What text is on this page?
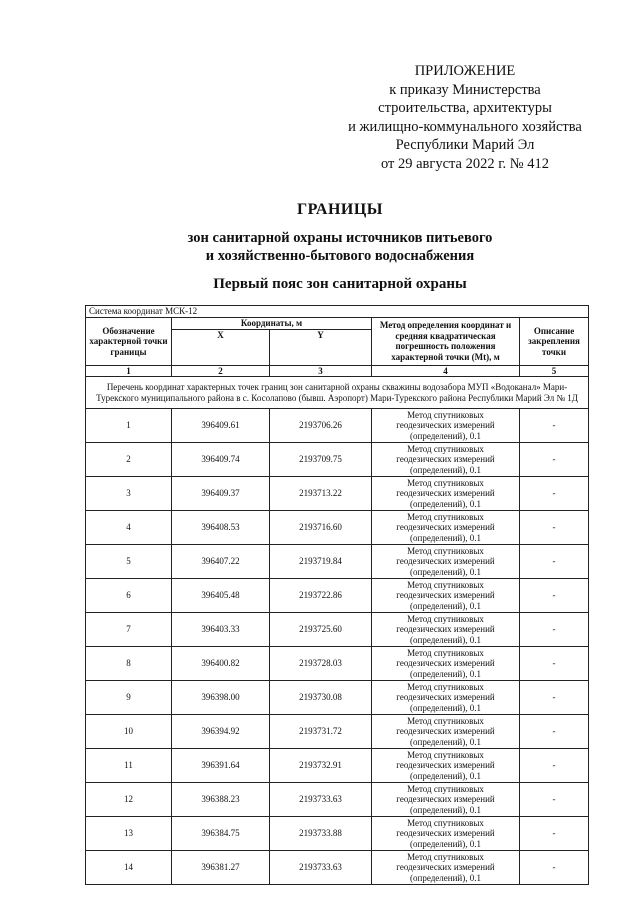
ПРИЛОЖЕНИЕ
к приказу Министерства
строительства, архитектуры
и жилищно-коммунального хозяйства
Республики Марий Эл
от 29 августа 2022 г. № 412
ГРАНИЦЫ
зон санитарной охраны источников питьевого
и хозяйственно-бытового водоснабжения
Первый пояс зон санитарной охраны
Система координат МСК-12				
Обозначение характерной точки границы	Координаты, м		Метод определения координат и средняя квадратическая погрешность положения характерной точки (Mt), м	Описание закрепления точки
	X	Y		
1	2	3	4	5
Перечень координат характерных точек границ зон санитарной охраны скважины водозабора МУП «Водоканал» Мари-Турекского муниципального района в с. Косолапово (бывш. Аэропорт) Мари-Турекского района Республики Марий Эл № 1Д				
1	396409.61	2193706.26	Метод спутниковых
геодезических измерений
(определений), 0.1	-
2	396409.74	2193709.75	Метод спутниковых
геодезических измерений
(определений), 0.1	-
3	396409.37	2193713.22	Метод спутниковых
геодезических измерений
(определений), 0.1	-
4	396408.53	2193716.60	Метод спутниковых
геодезических измерений
(определений), 0.1	-
5	396407.22	2193719.84	Метод спутниковых
геодезических измерений
(определений), 0.1	-
6	396405.48	2193722.86	Метод спутниковых
геодезических измерений
(определений), 0.1	-
7	396403.33	2193725.60	Метод спутниковых
геодезических измерений
(определений), 0.1	-
8	396400.82	2193728.03	Метод спутниковых
геодезических измерений
(определений), 0.1	-
9	396398.00	2193730.08	Метод спутниковых
геодезических измерений
(определений), 0.1	-
10	396394.92	2193731.72	Метод спутниковых
геодезических измерений
(определений), 0.1	-
11	396391.64	2193732.91	Метод спутниковых
геодезических измерений
(определений), 0.1	-
12	396388.23	2193733.63	Метод спутниковых
геодезических измерений
(определений), 0.1	-
13	396384.75	2193733.88	Метод спутниковых
геодезических измерений
(определений), 0.1	-
14	396381.27	2193733.63	Метод спутниковых
геодезических измерений
(определений), 0.1	-
